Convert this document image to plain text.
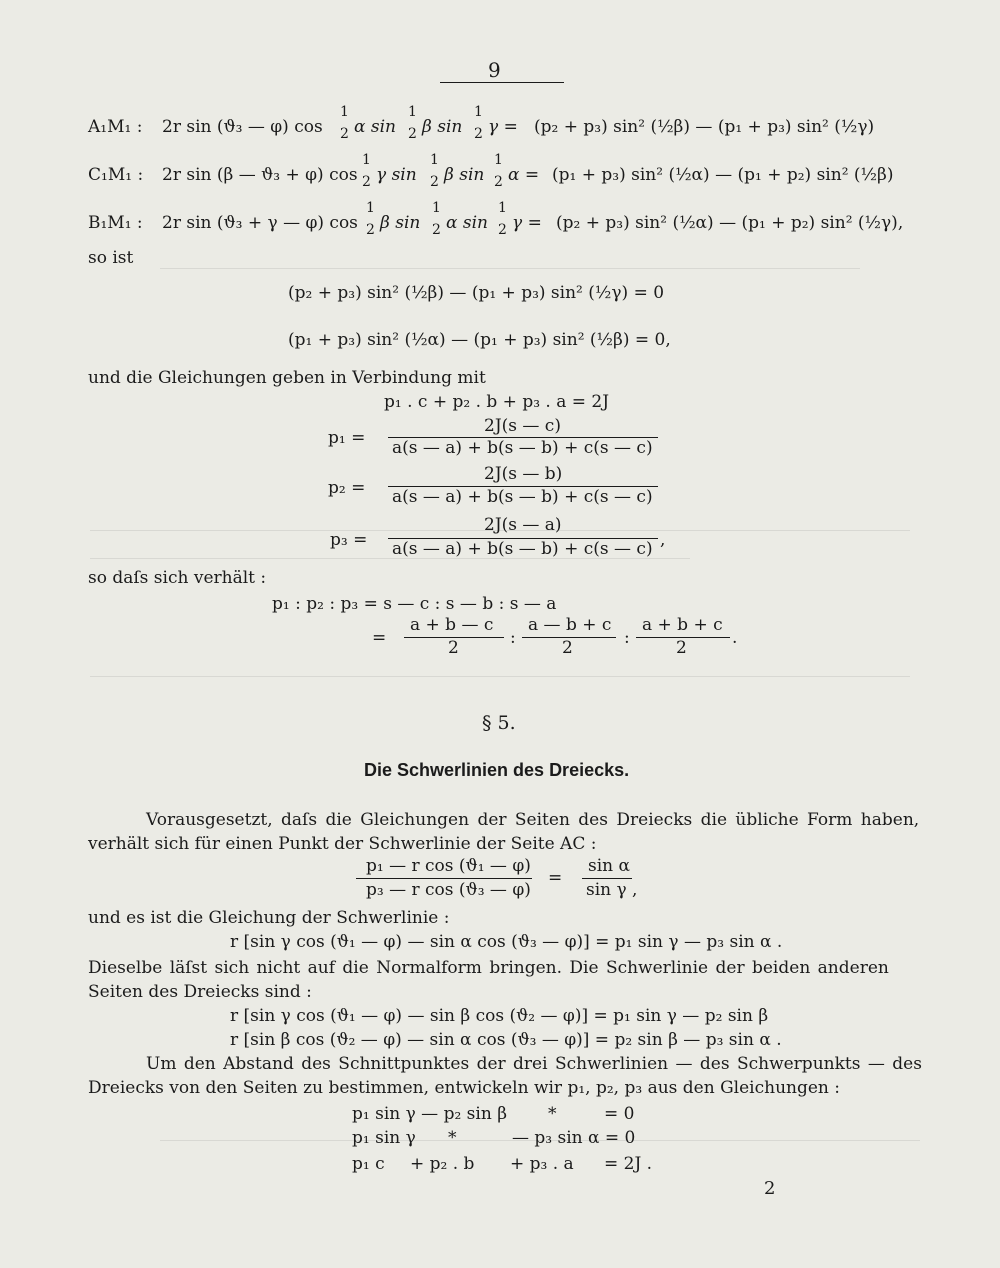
9
A₁M₁ : 2r sin (ϑ₃ — φ) cos
1
2 α sin
1
2 β sin
1
2 γ = (p₂ + p₃) sin² (½β) — (p₁ + p₃) sin² (½γ)
C₁M₁ : 2r sin (β — ϑ₃ + φ) cos
1
2 γ sin
1
2 β sin
1
2 α = (p₁ + p₃) sin² (½α) — (p₁ + p₂) sin² (½β)
B₁M₁ : 2r sin (ϑ₃ + γ — φ) cos
1
2 β sin
1
2 α sin
1
2 γ = (p₂ + p₃) sin² (½α) — (p₁ + p₂) sin² (½γ),
so ist
(p₂ + p₃) sin² (½β) — (p₁ + p₃) sin² (½γ) = 0
(p₁ + p₃) sin² (½α) — (p₁ + p₃) sin² (½β) = 0,
und die Gleichungen geben in Verbindung mit
p₁ . c + p₂ . b + p₃ . a = 2J
p₁ =
2J(s — c)
a(s — a) + b(s — b) + c(s — c)
p₂ =
2J(s — b)
a(s — a) + b(s — b) + c(s — c)
p₃ =
2J(s — a)
a(s — a) + b(s — b) + c(s — c) ,
so daſs sich verhält :
p₁ : p₂ : p₃ = s — c : s — b : s — a
=
a + b — c
2	:
a — b + c
2	:
a + b + c
2	.
§ 5.
Die Schwerlinien des Dreiecks.
Vorausgesetzt, daſs die Gleichungen der Seiten des Dreiecks die übliche Form haben,
verhält sich für einen Punkt der Schwerlinie der Seite AC :
p₁ — r cos (ϑ₁ — φ)
p₃ — r cos (ϑ₃ — φ)
=
sin α
sin γ ,
und es ist die Gleichung der Schwerlinie :
r [sin γ cos (ϑ₁ — φ) — sin α cos (ϑ₃ — φ)] = p₁ sin γ — p₃ sin α .
Dieselbe läſst sich nicht auf die Normalform bringen. Die Schwerlinie der beiden anderen
Seiten des Dreiecks sind :
r [sin γ cos (ϑ₁ — φ) — sin β cos (ϑ₂ — φ)] = p₁ sin γ — p₂ sin β
r [sin β cos (ϑ₂ — φ) — sin α cos (ϑ₃ — φ)] = p₂ sin β — p₃ sin α .
Um den Abstand des Schnittpunktes der drei Schwerlinien — des Schwerpunkts — des
Dreiecks von den Seiten zu bestimmen, entwickeln wir p₁, p₂, p₃ aus den Gleichungen :
p₁ sin γ — p₂ sin β *	= 0
p₁ sin γ *	— p₃ sin α = 0
p₁ c + p₂ . b + p₃ . a = 2J .
2
